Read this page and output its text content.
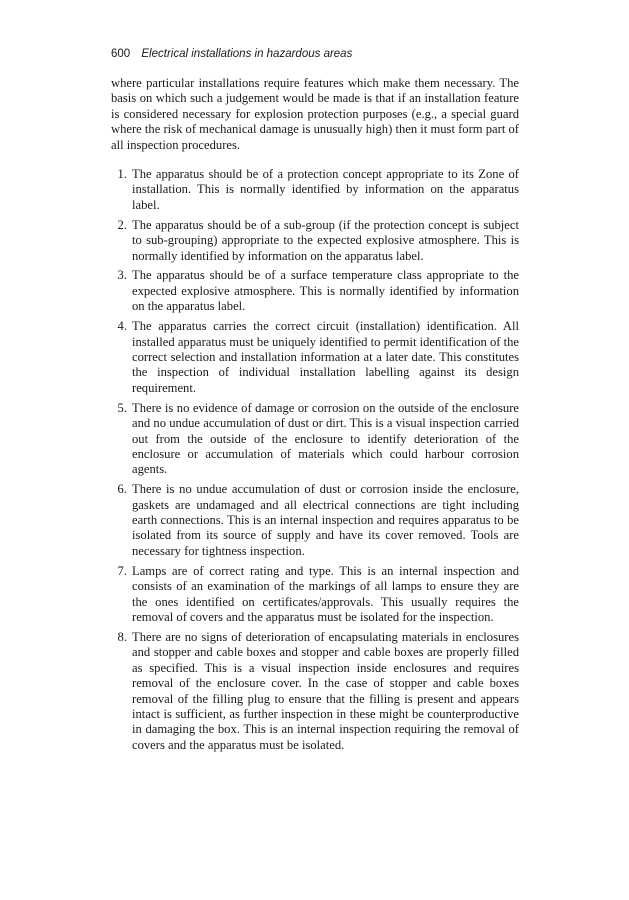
600 Electrical installations in hazardous areas

where particular installations require features which make them necessary. The basis on which such a judgement would be made is that if an installation feature is considered necessary for explosion protection purposes (e.g., a special guard where the risk of mechanical damage is unusually high) then it must form part of all inspection procedures.

1. The apparatus should be of a protection concept appropriate to its Zone of installation. This is normally identified by information on the apparatus label.
2. The apparatus should be of a sub-group (if the protection concept is subject to sub-grouping) appropriate to the expected explosive atmosphere. This is normally identified by information on the apparatus label.
3. The apparatus should be of a surface temperature class appropriate to the expected explosive atmosphere. This is normally identified by information on the apparatus label.
4. The apparatus carries the correct circuit (installation) identification. All installed apparatus must be uniquely identified to permit identification of the correct selection and installation information at a later date. This constitutes the inspection of individual installation labelling against its design requirement.
5. There is no evidence of damage or corrosion on the outside of the enclosure and no undue accumulation of dust or dirt. This is a visual inspection carried out from the outside of the enclosure to identify deterioration of the enclosure or accumulation of materials which could harbour corrosion agents.
6. There is no undue accumulation of dust or corrosion inside the enclosure, gaskets are undamaged and all electrical connections are tight including earth connections. This is an internal inspection and requires apparatus to be isolated from its source of supply and have its cover removed. Tools are necessary for tightness inspection.
7. Lamps are of correct rating and type. This is an internal inspection and consists of an examination of the markings of all lamps to ensure they are the ones identified on certificates/approvals. This usually requires the removal of covers and the apparatus must be isolated for the inspection.
8. There are no signs of deterioration of encapsulating materials in enclosures and stopper and cable boxes and stopper and cable boxes are properly filled as specified. This is a visual inspection inside enclosures and requires removal of the enclosure cover. In the case of stopper and cable boxes removal of the filling plug to ensure that the filling is present and appears intact is sufficient, as further inspection in these might be counterproductive in damaging the box. This is an internal inspection requiring the removal of covers and the apparatus must be isolated.
